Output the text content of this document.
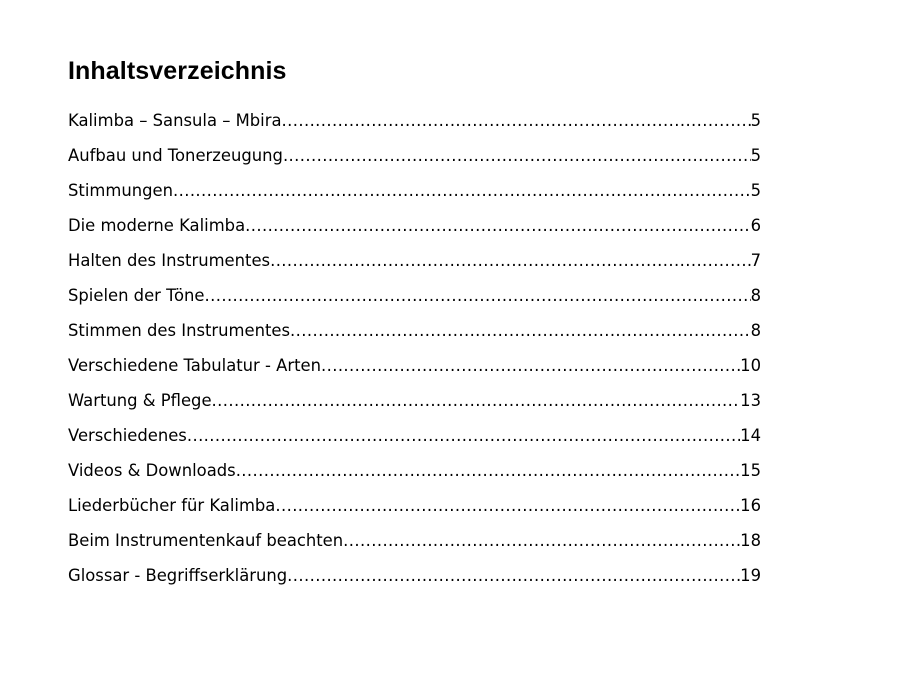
Inhaltsverzeichnis
Kalimba – Sansula – Mbira .....	5
Aufbau und Tonerzeugung .....	5
Stimmungen .....	5
Die moderne Kalimba .....	6
Halten des Instrumentes .....	7
Spielen der Töne .....	8
Stimmen des Instrumentes .....	8
Verschiedene Tabulatur - Arten .....	10
Wartung & Pflege .....	13
Verschiedenes .....	14
Videos & Downloads .....	15
Liederbücher für Kalimba .....	16
Beim Instrumentenkauf beachten .....	18
Glossar - Begriffserklärung .....	19
